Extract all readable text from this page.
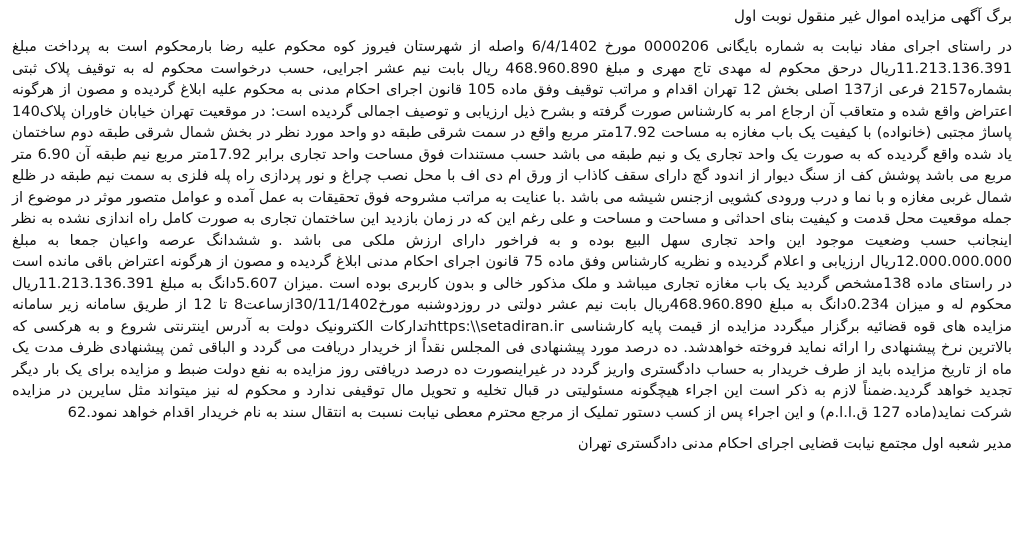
برگ آگهی مزایده اموال غیر منقول نوبت اول

در راستای اجرای مفاد نیابت به شماره بایگانی 0000206 مورخ 6/4/1402 واصله از شهرستان فیروز کوه محکوم علیه رضا بارمحکوم است به پرداخت مبلغ 11.213.136.391ریال درحق محکوم له مهدی تاج مهری و مبلغ 468.960.890 ریال بابت نیم عشر اجرایی، حسب درخواست محکوم له به توقیف پلاک ثبتی بشماره2157 فرعی از137 اصلی بخش 12 تهران اقدام و مراتب توقیف وفق ماده 105 قانون اجرای احکام مدنی به محکوم علیه ابلاغ گردیده و مصون از هرگونه اعتراض واقع شده و متعاقب آن ارجاع امر به کارشناس صورت گرفته و بشرح ذیل ارزیابی و توصیف اجمالی گردیده است: در موقعیت تهران خیابان خاوران پلاک140 پاساژ مجتبی (خانواده) با کیفیت یک باب مغازه به مساحت 17.92متر مربع واقع در سمت شرقی طبقه دو واحد مورد نظر در بخش شمال شرقی طبقه دوم ساختمان یاد شده واقع گردیده که به صورت یک واحد تجاری یک و نیم طبقه می باشد حسب مستندات فوق مساحت واحد تجاری برابر 17.92متر مربع نیم طبقه آن 6.90 متر مربع می باشد پوشش کف از سنگ دیوار از اندود گچ دارای سقف کاذاب از ورق ام دی اف با محل نصب چراغ و نور پردازی راه پله فلزی به سمت نیم طبقه در ظلع شمال غربی مغازه و با نما و درب ورودی کشویی ازجنس شیشه می باشد .با عنایت به مراتب مشروحه فوق تحقیقات به عمل آمده و عوامل متصور موثر در موضوع از جمله موقعیت محل قدمت و کیفیت بنای احداثی و مساحت و مساحت و علی رغم این که در زمان بازدید این ساختمان تجاری به صورت کامل راه اندازی نشده به نظر اینجانب حسب وضعیت موجود این واحد تجاری سهل البیع بوده و به فراخور دارای ارزش ملکی می باشد .و ششدانگ عرصه واعیان جمعا به مبلغ 12.000.000.000ریال ارزیابی و اعلام گردیده و نظریه کارشناس وفق ماده 75 قانون اجرای احکام مدنی ابلاغ گردیده و مصون از هرگونه اعتراض باقی مانده است در راستای ماده 138مشخص گردید یک باب مغازه تجاری میباشد و ملک مذکور خالی و بدون کاربری بوده است .میزان 5.607دانگ به مبلغ 11.213.136.391ریال محکوم له و میزان 0.234دانگ به مبلغ 468.960.890ریال بابت نیم عشر دولتی در روزدوشنبه مورخ30/11/1402ازساعت8 تا 12 از طریق سامانه زیر سامانه مزایده های قوه قضائیه برگزار میگردد مزایده از قیمت پایه کارشناسی https:\\setadiran.irتدارکات الکترونیک دولت به آدرس اینترنتی شروع و به هرکسی که بالاترین نرخ پیشنهادی را ارائه نماید فروخته خواهدشد. ده درصد مورد پیشنهادی فی المجلس نقداً از خریدار دریافت می گردد و الباقی ثمن پیشنهادی ظرف مدت یک ماه از تاریخ مزایده باید از طرف خریدار به حساب دادگستری واریز گردد در غیراینصورت ده درصد دریافتی روز مزایده به نفع دولت ضبط و مزایده برای یک بار دیگر تجدید خواهد گردید.ضمناً لازم به ذکر است این اجراء هیچگونه مسئولیتی در قبال تخلیه و تحویل مال توقیفی ندارد و محکوم له نیز میتواند مثل سایرین در مزایده شرکت نماید(ماده 127 ق.ا.ا.م) و این اجراء پس از کسب دستور تملیک از مرجع محترم معطی نیابت نسبت به انتقال سند به نام خریدار اقدام خواهد نمود.62

مدیر شعبه اول مجتمع نیابت قضایی اجرای احکام مدنی دادگستری تهران
